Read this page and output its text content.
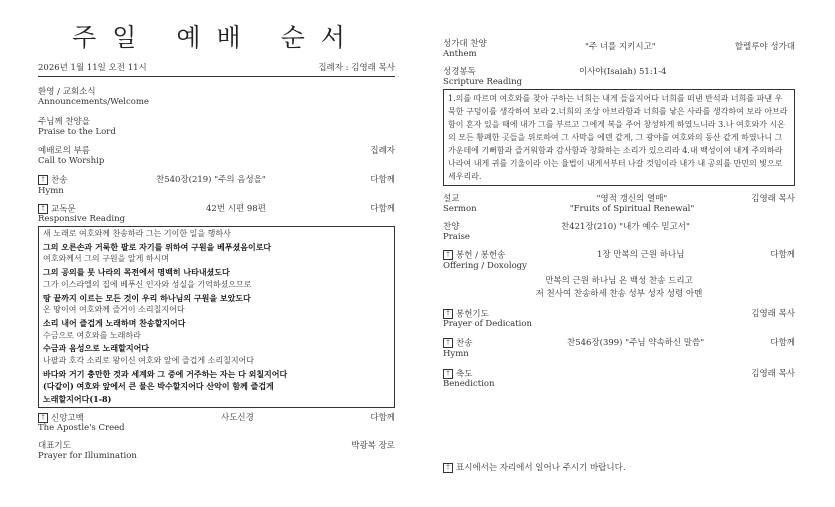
주일 예배 순서
2026년 1월 11일 오전 11시	집례자 : 김영래 목사
환영 / 교회소식
Announcements/Welcome
주님께 찬양을
Praise to the Lord
예배로의 부름
Call to Worship
집례자
† 찬송
Hymn
찬540장(219) "주의 음성을"	다함께
† 교독문
Responsive Reading
42번 시편 98편	다함께
새 노래로 여호와께 찬송하라 그는 기이한 일을 행하사
그의 오른손과 거룩한 팔로 자기를 위하여 구원을 베푸셨음이로다
여호와께서 그의 구원을 알게 하시며
그의 공의를 뭇 나라의 목전에서 명백히 나타내셨도다
그가 이스라엘의 집에 베푸신 인자와 성실을 기억하셨으므로
땅 끝까지 이르는 모든 것이 우리 하나님의 구원을 보았도다
온 땅이여 여호와께 즐거이 소리칠지어다
소리 내어 즐겁게 노래하며 찬송할지어다
수금으로 여호와를 노래하라
수금과 음성으로 노래할지어다
나팔과 호각 소리로 왕이신 여호와 앞에 즐겁게 소리칠지어다
바다와 거기 충만한 것과 세계와 그 중에 거주하는 자는 다 외칠지어다
(다같이) 여호와 앞에서 큰 물은 박수할지어다 산악이 함께 즐겁게
노래할지어다(1-8)
† 신앙고백
The Apostle's Creed
사도신경	다함께
대표기도
Prayer for Illumination
박광복 장로
성가대 찬양
Anthem
"주 너를 지키시고"	할렐루야 성가대
성경봉독
Scripture Reading
이사야(Isaiah) 51:1-4
1.의를 따르며 여호와를 찾아 구하는 너희는 내게 들을지어다 너희를 떠낸 반석과 너희를 파낸 우묵한 구덩이를 생각하여 보라 2.너희의 조상 아브라함과 너희를 낳은 사라를 생각하여 보라 아브라함이 혼자 있을 때에 내가 그를 부르고 그에게 복을 주어 창성하게 하였느니라 3.나 여호와가 시온의 모든 황폐한 곳들을 위로하여 그 사막을 에덴 같게, 그 광야를 여호와의 동산 같게 하였나니 그 가운데에 기뻐함과 즐거워함과 감사함과 창화하는 소리가 있으리라 4.내 백성이여 내게 주의하라 나라여 내게 귀를 기울이라 이는 율법이 내게서부터 나갈 것임이라 내가 내 공의를 만민의 빛으로 세우리라.
설교
Sermon
"영적 갱신의 열매"
"Fruits of Spiritual Renewal"
김영래 목사
찬양
Praise
찬421장(210) "내가 예수 믿고서"
† 봉헌 / 봉헌송
Offering / Doxology
1장 만복의 근원 하나님	다함께
만복의 근원 하나님 온 백성 찬송 드리고
저 천사여 찬송하세 찬송 성부 성자 성령 아멘
† 봉헌기도
Prayer of Dedication
김영래 목사
† 찬송
Hymn
찬546장(399) "주님 약속하신 말씀"	다함께
† 축도
Benediction
김영래 목사
† 표시에서는 자리에서 일어나 주시기 바랍니다.
